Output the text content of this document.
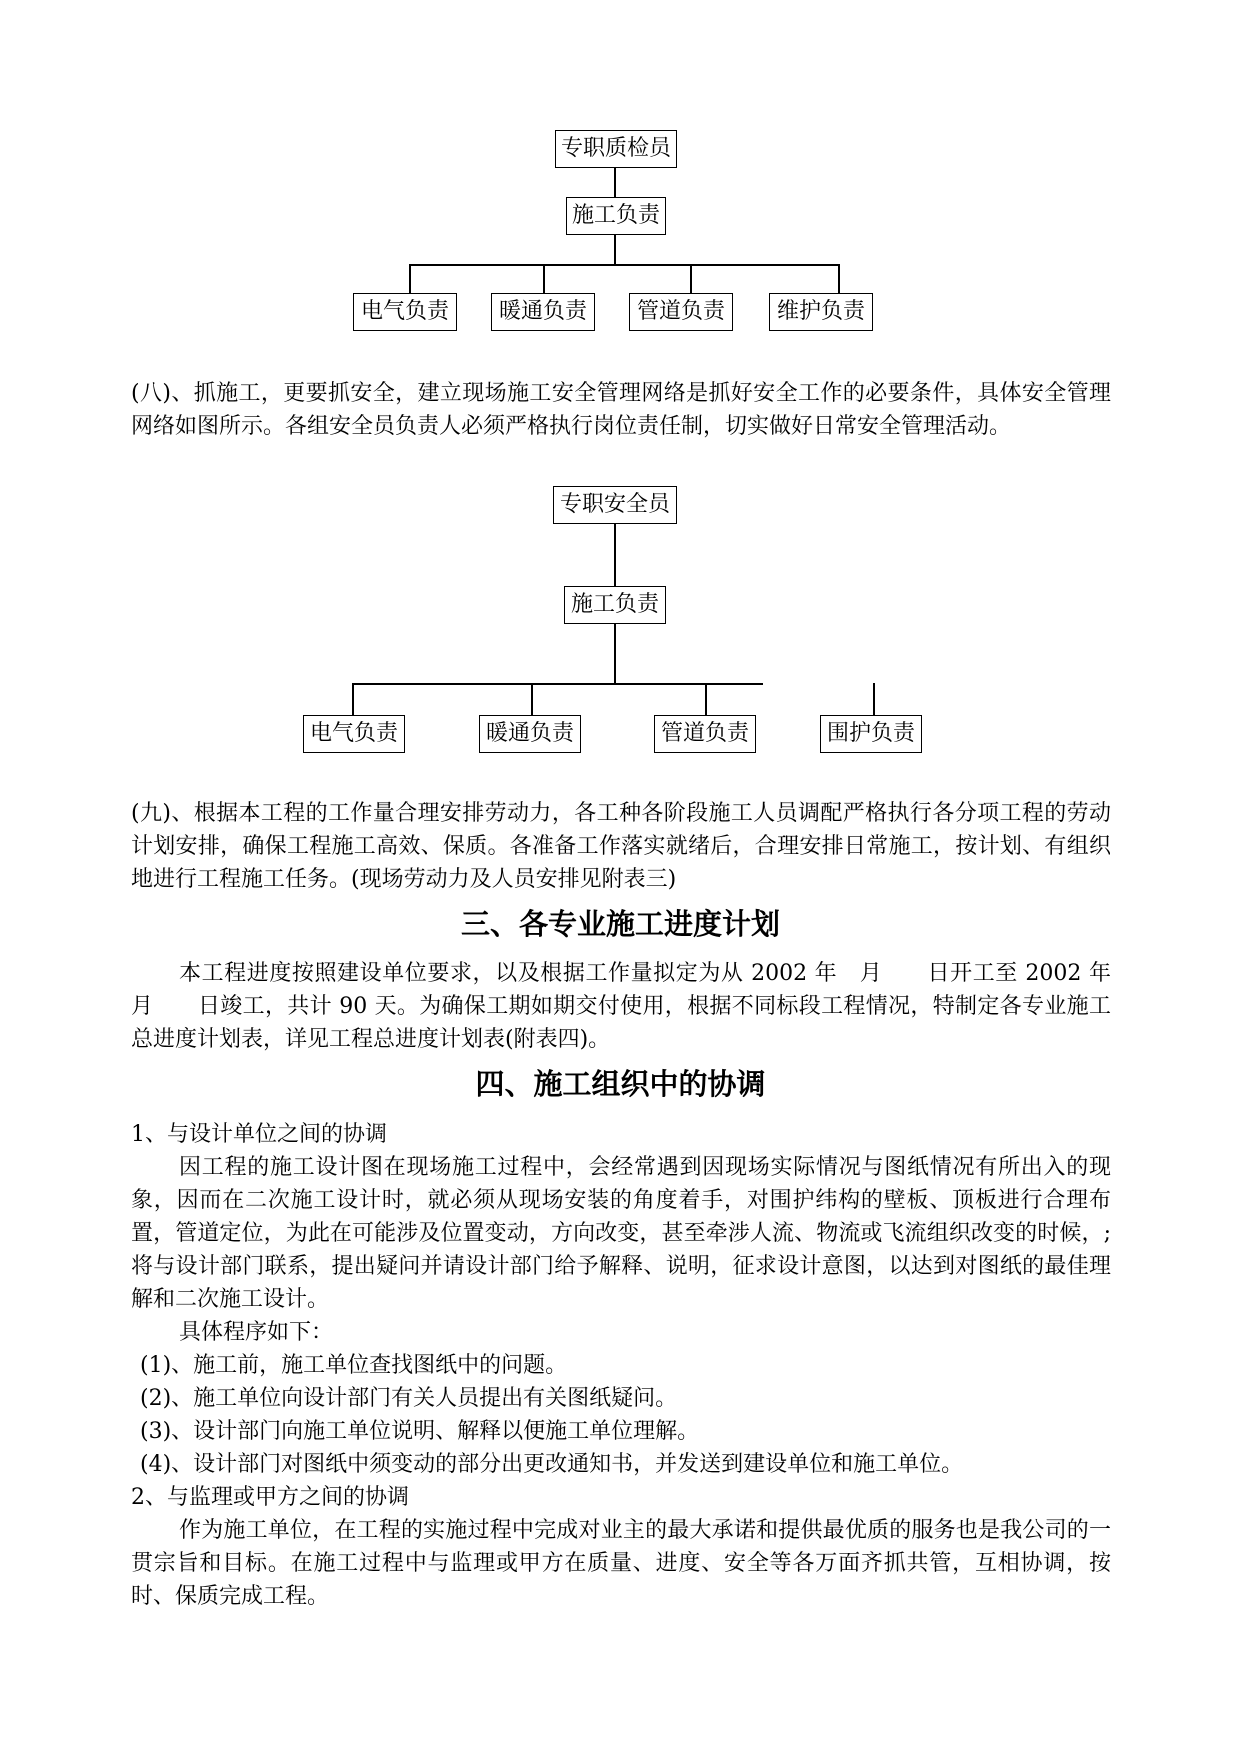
专职质检员
施工负责
电气负责	暖通负责	管道负责	维护负责

(八)、抓施工，更要抓安全，建立现场施工安全管理网络是抓好安全工作的必要条件，具体安全管理网络如图所示。各组安全员负责人必须严格执行岗位责任制，切实做好日常安全管理活动。

专职安全员
施工负责
电气负责	暖通负责	管道负责	围护负责

(九)、根据本工程的工作量合理安排劳动力，各工种各阶段施工人员调配严格执行各分项工程的劳动计划安排，确保工程施工高效、保质。各准备工作落实就绪后，合理安排日常施工，按计划、有组织地进行工程施工任务。(现场劳动力及人员安排见附表三)

三、各专业施工进度计划

本工程进度按照建设单位要求，以及根据工作量拟定为从 2002 年　月　　日开工至 2002 年　月　　日竣工，共计 90 天。为确保工期如期交付使用，根据不同标段工程情况，特制定各专业施工总进度计划表，详见工程总进度计划表(附表四)。

四、施工组织中的协调

1、与设计单位之间的协调

因工程的施工设计图在现场施工过程中，会经常遇到因现场实际情况与图纸情况有所出入的现象，因而在二次施工设计时，就必须从现场安装的角度着手，对围护纬构的壁板、顶板进行合理布置，管道定位，为此在可能涉及位置变动，方向改变，甚至牵涉人流、物流或飞流组织改变的时候，;将与设计部门联系，提出疑问并请设计部门给予解释、说明，征求设计意图，以达到对图纸的最佳理解和二次施工设计。

具体程序如下：

(1)、施工前，施工单位查找图纸中的问题。

(2)、施工单位向设计部门有关人员提出有关图纸疑问。

(3)、设计部门向施工单位说明、解释以便施工单位理解。

(4)、设计部门对图纸中须变动的部分出更改通知书，并发送到建设单位和施工单位。

2、与监理或甲方之间的协调

作为施工单位，在工程的实施过程中完成对业主的最大承诺和提供最优质的服务也是我公司的一贯宗旨和目标。在施工过程中与监理或甲方在质量、进度、安全等各万面齐抓共管，互相协调，按时、保质完成工程。
